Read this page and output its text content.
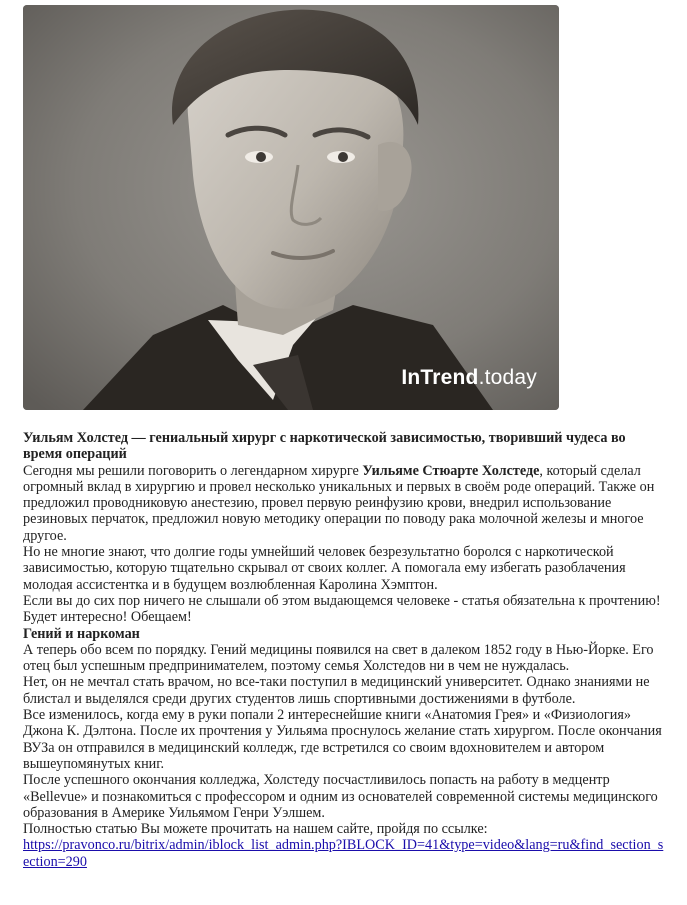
InTrend.today

Уильям Холстед — гениальный хирург с наркотической зависимостью, творивший чудеса во время операций

Сегодня мы решили поговорить о легендарном хирурге Уильяме Стюарте Холстеде, который сделал огромный вклад в хирургию и провел несколько уникальных и первых в своём роде операций. Также он предложил проводниковую анестезию, провел первую реинфузию крови, внедрил использование резиновых перчаток, предложил новую методику операции по поводу рака молочной железы и многое другое.

Но не многие знают, что долгие годы умнейший человек безрезультатно боролся с наркотической зависимостью, которую тщательно скрывал от своих коллег. А помогала ему избегать разоблачения молодая ассистентка и в будущем возлюбленная Каролина Хэмптон.

Если вы до сих пор ничего не слышали об этом выдающемся человеке - статья обязательна к прочтению! Будет интересно! Обещаем!

Гений и наркоман

А теперь обо всем по порядку. Гений медицины появился на свет в далеком 1852 году в Нью-Йорке. Его отец был успешным предпринимателем, поэтому семья Холстедов ни в чем не нуждалась.

Нет, он не мечтал стать врачом, но все-таки поступил в медицинский университет. Однако знаниями не блистал и выделялся среди других студентов лишь спортивными достижениями в футболе.

Все изменилось, когда ему в руки попали 2 интереснейшие книги «Анатомия Грея» и «Физиология» Джона К. Дэлтона. После их прочтения у Уильяма проснулось желание стать хирургом. После окончания ВУЗа он отправился в медицинский колледж, где встретился со своим вдохновителем и автором вышеупомянутых книг.

После успешного окончания колледжа, Холстеду посчастливилось попасть на работу в медцентр «Bellevue» и познакомиться с профессором и одним из основателей современной системы медицинского образования в Америке Уильямом Генри Уэлшем.

Полностью статью Вы можете прочитать на нашем сайте, пройдя по ссылке:

https://pravonco.ru/bitrix/admin/iblock_list_admin.php?IBLOCK_ID=41&type=video&lang=ru&find_section_section=290
